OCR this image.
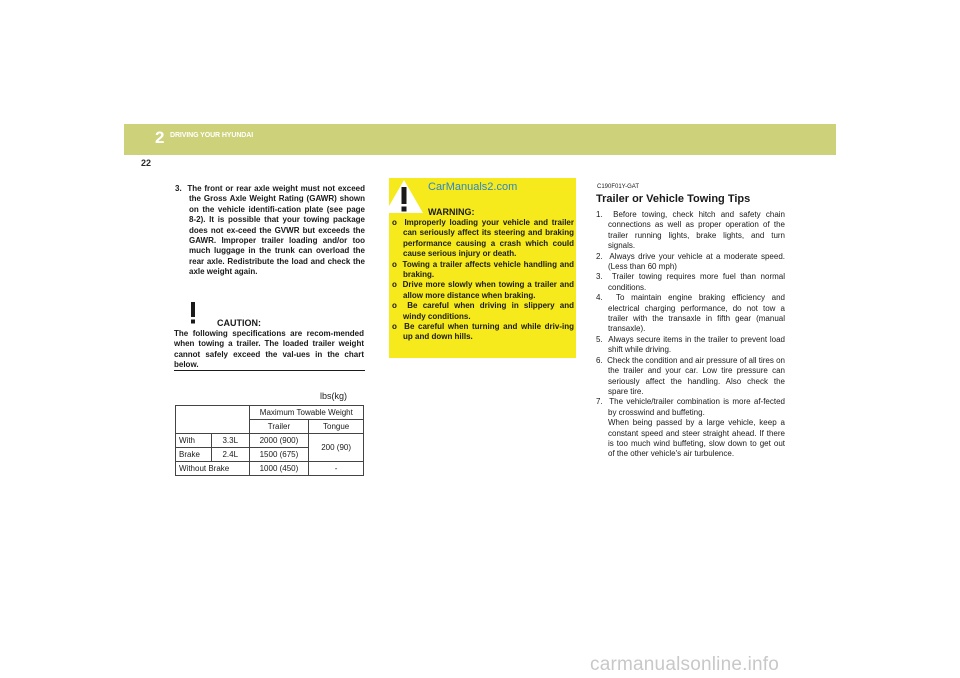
2 DRIVING YOUR HYUNDAI
22

3. The front or rear axle weight must not exceed the Gross Axle Weight Rating (GAWR) shown on the vehicle identifi-cation plate (see page 8-2). It is possible that your towing package does not ex-ceed the GVWR but exceeds the GAWR. Improper trailer loading and/or too much luggage in the trunk can overload the rear axle. Redistribute the load and check the axle weight again.

CAUTION:
The following specifications are recom-mended when towing a trailer. The loaded trailer weight cannot safely exceed the val-ues in the chart below.
lbs(kg)
		Maximum Towable Weight	
		Trailer	Tongue
With	3.3L	2000 (900)	200 (90)
Brake	2.4L	1500 (675)	
Without Brake		1000 (450)	-
CarManuals2.com
WARNING:

o Improperly loading your vehicle and trailer can seriously affect its steering and braking performance causing a crash which could cause serious injury or death.

o Towing a trailer affects vehicle handling and braking.

o Drive more slowly when towing a trailer and allow more distance when braking.

o Be careful when driving in slippery and windy conditions.

o Be careful when turning and while driv-ing up and down hills.

C190F01Y-GAT
Trailer or Vehicle Towing Tips

1. Before towing, check hitch and safety chain connections as well as proper operation of the trailer running lights, brake lights, and turn signals.

2. Always drive your vehicle at a moderate speed. (Less than 60 mph)

3. Trailer towing requires more fuel than normal conditions.

4. To maintain engine braking efficiency and electrical charging performance, do not tow a trailer with the transaxle in fifth gear (manual transaxle).

5. Always secure items in the trailer to prevent load shift while driving.

6. Check the condition and air pressure of all tires on the trailer and your car. Low tire pressure can seriously affect the handling. Also check the spare tire.

7. The vehicle/trailer combination is more af-fected by crosswind and buffeting.

When being passed by a large vehicle, keep a constant speed and steer straight ahead. If there is too much wind buffeting, slow down to get out of the other vehicle's air turbulence.

carmanualsonline.info
